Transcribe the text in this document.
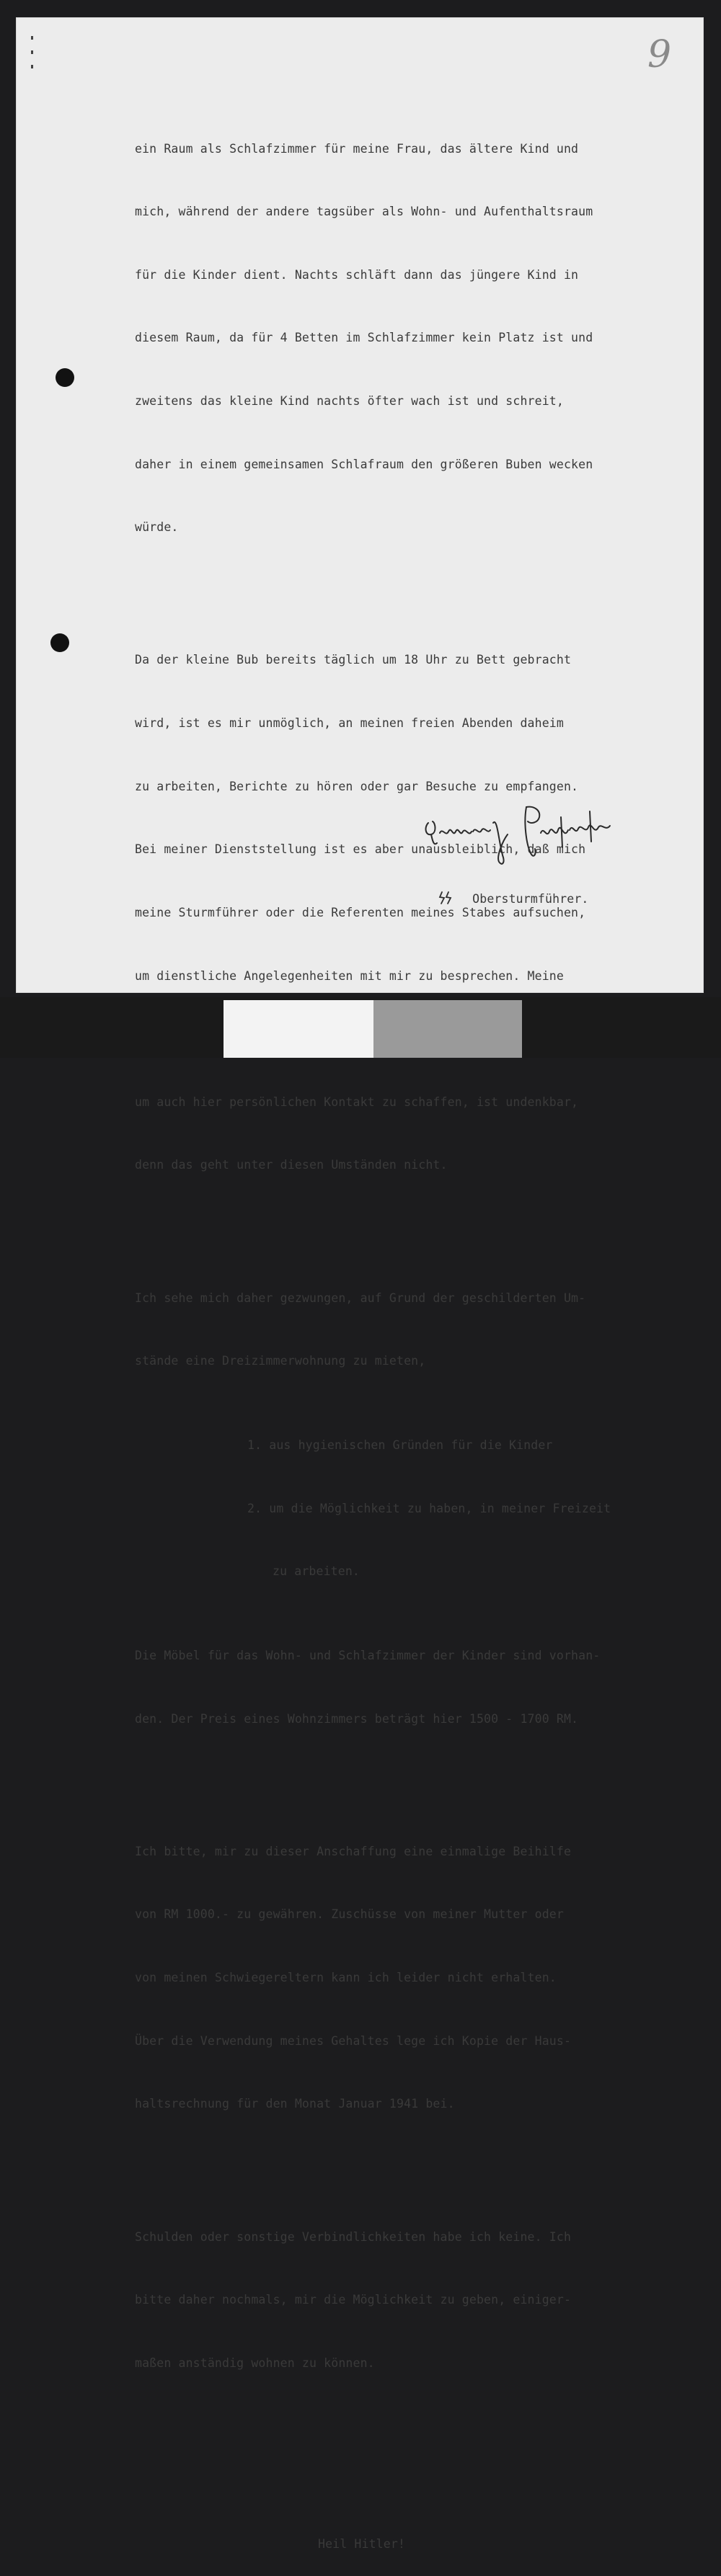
9

ein Raum als Schlafzimmer für meine Frau, das ältere Kind und

mich, während der andere tagsüber als Wohn- und Aufenthaltsraum

für die Kinder dient. Nachts schläft dann das jüngere Kind in

diesem Raum, da für 4 Betten im Schlafzimmer kein Platz ist und

zweitens das kleine Kind nachts öfter wach ist und schreit,

daher in einem gemeinsamen Schlafraum den größeren Buben wecken

würde.

Da der kleine Bub bereits täglich um 18 Uhr zu Bett gebracht

wird, ist es mir unmöglich, an meinen freien Abenden daheim

zu arbeiten, Berichte zu hören oder gar Besuche zu empfangen.

Bei meiner Dienststellung ist es aber unausbleiblich, daß mich

meine Sturmführer oder die Referenten meines Stabes aufsuchen,

um dienstliche Angelegenheiten mit mir zu besprechen. Meine

um auch hier persönlichen Kontakt zu schaffen, ist undenkbar,

denn das geht unter diesen Umständen nicht.

Ich sehe mich daher gezwungen, auf Grund der geschilderten Um-

stände eine Dreizimmerwohnung zu mieten,

1. aus hygienischen Gründen für die Kinder

2. um die Möglichkeit zu haben, in meiner Freizeit

zu arbeiten.

Die Möbel für das Wohn- und Schlafzimmer der Kinder sind vorhan-

den. Der Preis eines Wohnzimmers beträgt hier 1500 - 1700 RM.

Ich bitte, mir zu dieser Anschaffung eine einmalige Beihilfe

von RM 1000.- zu gewähren. Zuschüsse von meiner Mutter oder

von meinen Schwiegereltern kann ich leider nicht erhalten.

Über die Verwendung meines Gehaltes lege ich Kopie der Haus-

haltsrechnung für den Monat Januar 1941 bei.

Schulden oder sonstige Verbindlichkeiten habe ich keine. Ich

bitte daher nochmals, mir die Möglichkeit zu geben, einiger-

maßen anständig wohnen zu können.

Heil Hitler!

Heinrich Schwarz

Obersturmführer.
